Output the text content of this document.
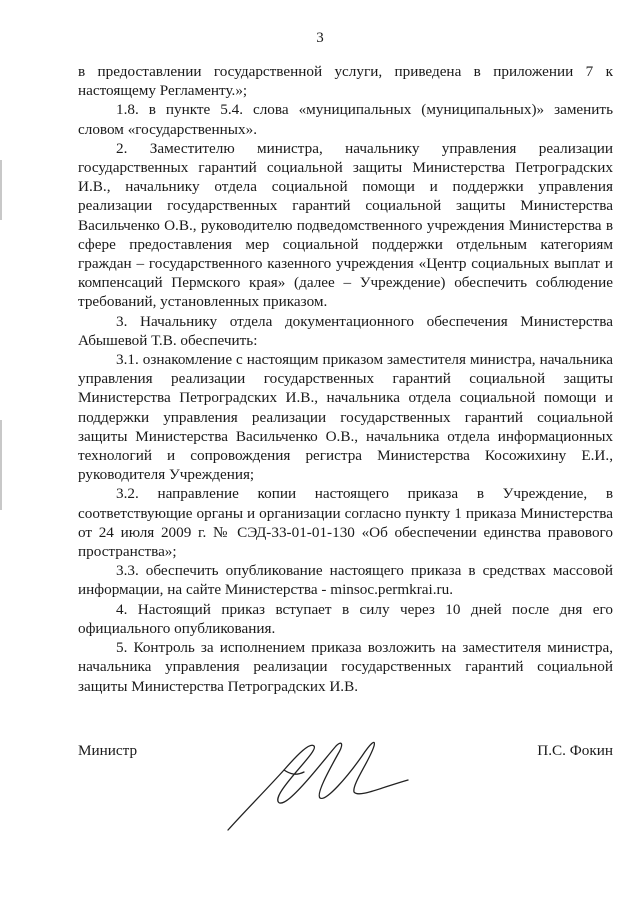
3

в предоставлении государственной услуги, приведена в приложении 7 к настоящему Регламенту.»;

1.8. в пункте 5.4. слова «муниципальных (муниципальных)» заменить словом «государственных».

2. Заместителю министра, начальнику управления реализации государственных гарантий социальной защиты Министерства Петроградских И.В., начальнику отдела социальной помощи и поддержки управления реализации государственных гарантий социальной защиты Министерства Васильченко О.В., руководителю подведомственного учреждения Министерства в сфере предоставления мер социальной поддержки отдельным категориям граждан – государственного казенного учреждения «Центр социальных выплат и компенсаций Пермского края» (далее – Учреждение) обеспечить соблюдение требований, установленных приказом.

3. Начальнику отдела документационного обеспечения Министерства Абышевой Т.В. обеспечить:

3.1. ознакомление с настоящим приказом заместителя министра, начальника управления реализации государственных гарантий социальной защиты Министерства Петроградских И.В., начальника отдела социальной помощи и поддержки управления реализации государственных гарантий социальной защиты Министерства Васильченко О.В., начальника отдела информационных технологий и сопровождения регистра Министерства Косожихину Е.И., руководителя Учреждения;

3.2. направление копии настоящего приказа в Учреждение, в соответствующие органы и организации согласно пункту 1 приказа Министерства от 24 июля 2009 г. № СЭД-33-01-01-130 «Об обеспечении единства правового пространства»;

3.3. обеспечить опубликование настоящего приказа в средствах массовой информации, на сайте Министерства - minsoc.permkrai.ru.

4. Настоящий приказ вступает в силу через 10 дней после дня его официального опубликования.

5. Контроль за исполнением приказа возложить на заместителя министра, начальника управления реализации государственных гарантий социальной защиты Министерства Петроградских И.В.

Министр	П.С. Фокин
